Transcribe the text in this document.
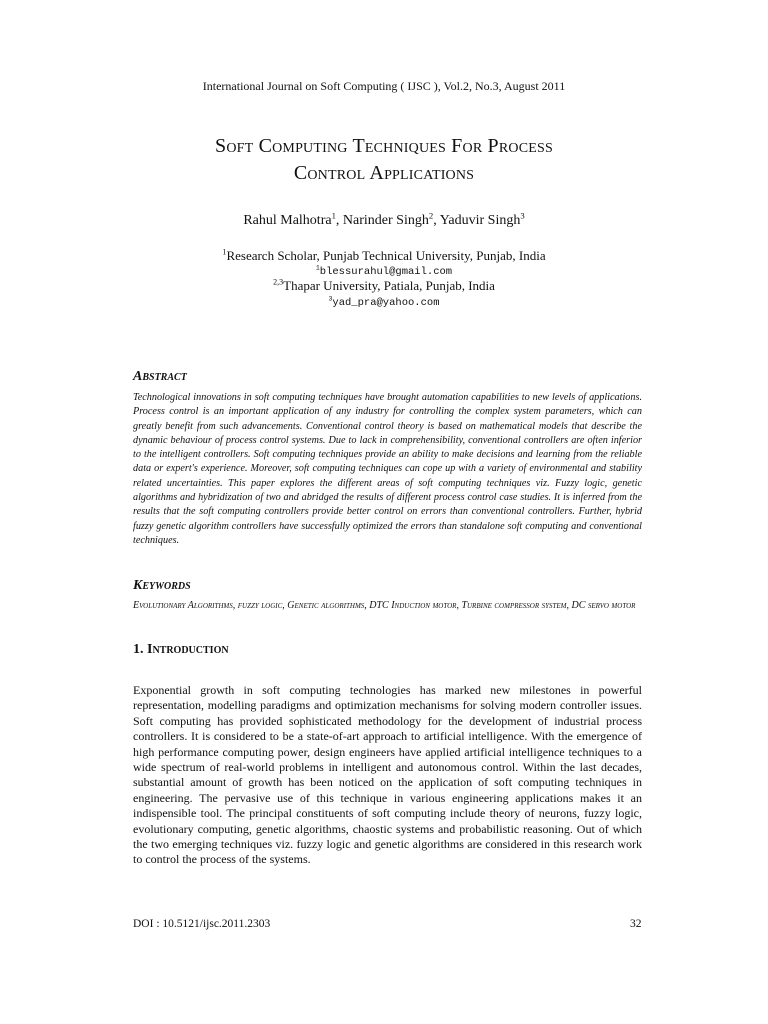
International Journal on Soft Computing ( IJSC ), Vol.2, No.3, August 2011
Soft Computing Techniques For Process
Control Applications
Rahul Malhotra$^1$, Narinder Singh$^2$, Yaduvir Singh$^3$
$^1$Research Scholar, Punjab Technical University, Punjab, India
$^1$blessurahul@gmail.com
$^{2,3}$Thapar University, Patiala, Punjab, India
$^3$yad_pra@yahoo.com
Abstract
Technological innovations in soft computing techniques have brought automation capabilities to new levels of applications. Process control is an important application of any industry for controlling the complex system parameters, which can greatly benefit from such advancements. Conventional control theory is based on mathematical models that describe the dynamic behaviour of process control systems. Due to lack in comprehensibility, conventional controllers are often inferior to the intelligent controllers. Soft computing techniques provide an ability to make decisions and learning from the reliable data or expert's experience. Moreover, soft computing techniques can cope up with a variety of environmental and stability related uncertainties. This paper explores the different areas of soft computing techniques viz. Fuzzy logic, genetic algorithms and hybridization of two and abridged the results of different process control case studies. It is inferred from the results that the soft computing controllers provide better control on errors than conventional controllers. Further, hybrid fuzzy genetic algorithm controllers have successfully optimized the errors than standalone soft computing and conventional techniques.
Keywords
Evolutionary Algorithms, fuzzy logic, Genetic algorithms, DTC Induction motor, Turbine compressor system, DC servo motor
1. Introduction
Exponential growth in soft computing technologies has marked new milestones in powerful representation, modelling paradigms and optimization mechanisms for solving modern controller issues. Soft computing has provided sophisticated methodology for the development of industrial process controllers. It is considered to be a state-of-art approach to artificial intelligence. With the emergence of high performance computing power, design engineers have applied artificial intelligence techniques to a wide spectrum of real-world problems in intelligent and autonomous control. Within the last decades, substantial amount of growth has been noticed on the application of soft computing techniques in engineering. The pervasive use of this technique in various engineering applications makes it an indispensible tool. The principal constituents of soft computing include theory of neurons, fuzzy logic, evolutionary computing, genetic algorithms, chaostic systems and probabilistic reasoning. Out of which the two emerging techniques viz. fuzzy logic and genetic algorithms are considered in this research work to control the process of the systems.
DOI : 10.5121/ijsc.2011.2303	32
